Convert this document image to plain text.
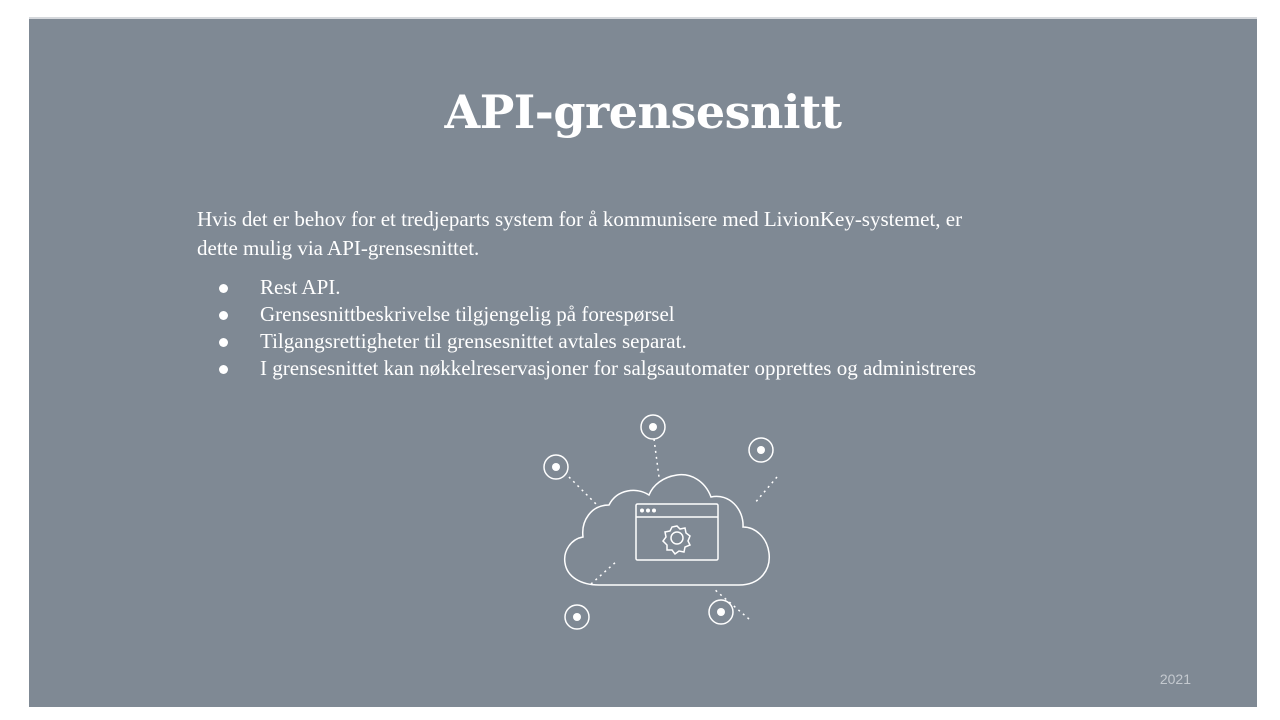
API-grensesnitt

Hvis det er behov for et tredjeparts system for å kommunisere med LivionKey-systemet, er dette mulig via API-grensesnittet.

Rest API.
Grensesnittbeskrivelse tilgjengelig på forespørsel
Tilgangsrettigheter til grensesnittet avtales separat.
I grensesnittet kan nøkkelreservasjoner for salgsautomater opprettes og administreres
2021
